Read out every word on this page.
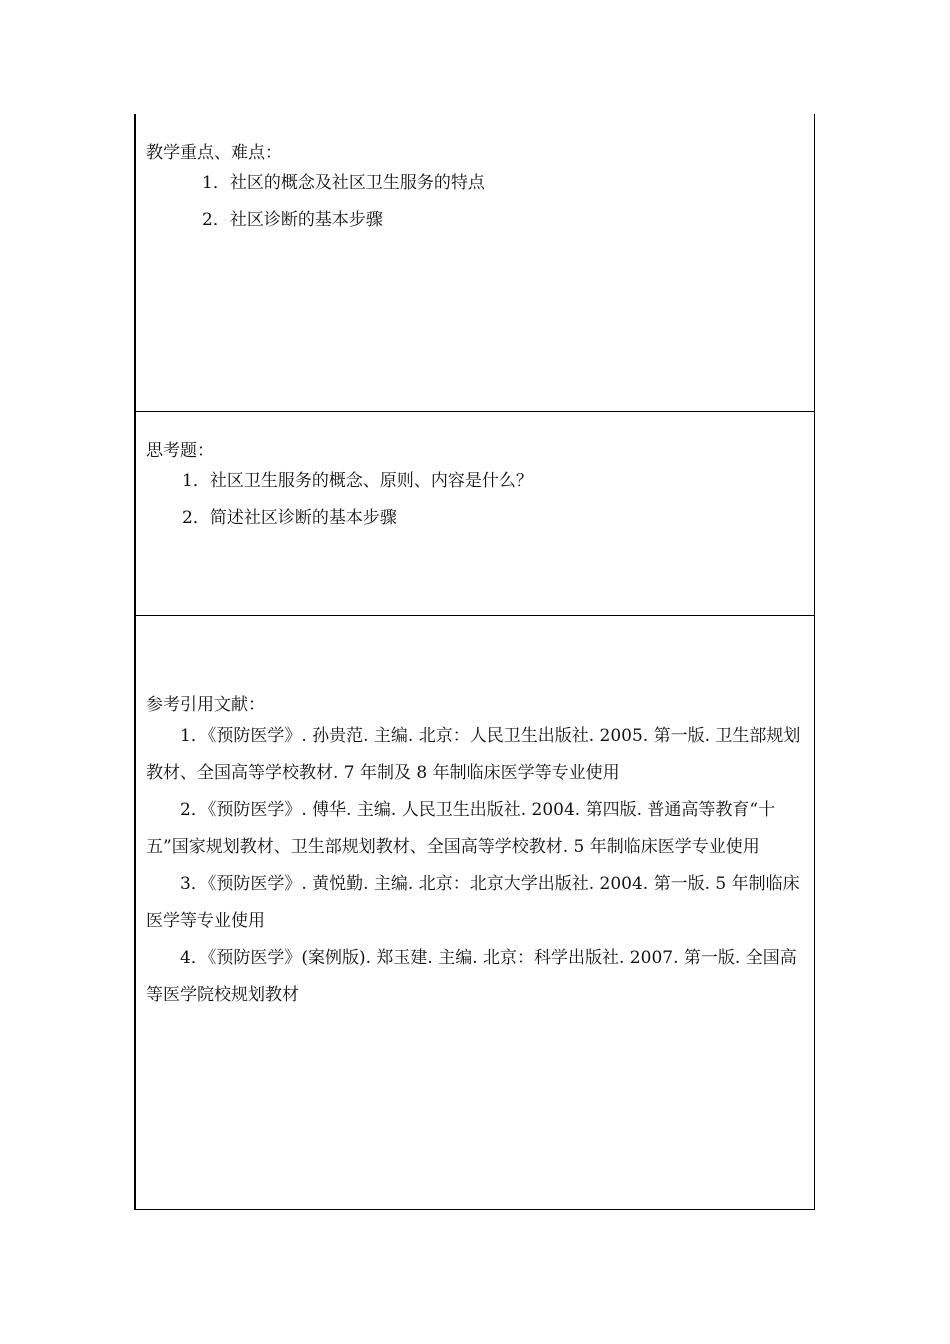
教学重点、难点：
1．社区的概念及社区卫生服务的特点
2．社区诊断的基本步骤
思考题：
1．社区卫生服务的概念、原则、内容是什么？
2．简述社区诊断的基本步骤
参考引用文献：
1．《预防医学》. 孙贵范. 主编. 北京：人民卫生出版社. 2005. 第一版. 卫生部规划教材、全国高等学校教材. 7 年制及 8 年制临床医学等专业使用
2．《预防医学》. 傅华. 主编. 人民卫生出版社. 2004. 第四版. 普通高等教育“十五”国家规划教材、卫生部规划教材、全国高等学校教材. 5 年制临床医学专业使用
3．《预防医学》. 黄悦勤. 主编. 北京：北京大学出版社. 2004. 第一版. 5 年制临床医学等专业使用
4．《预防医学》(案例版). 郑玉建. 主编. 北京：科学出版社. 2007. 第一版. 全国高等医学院校规划教材
